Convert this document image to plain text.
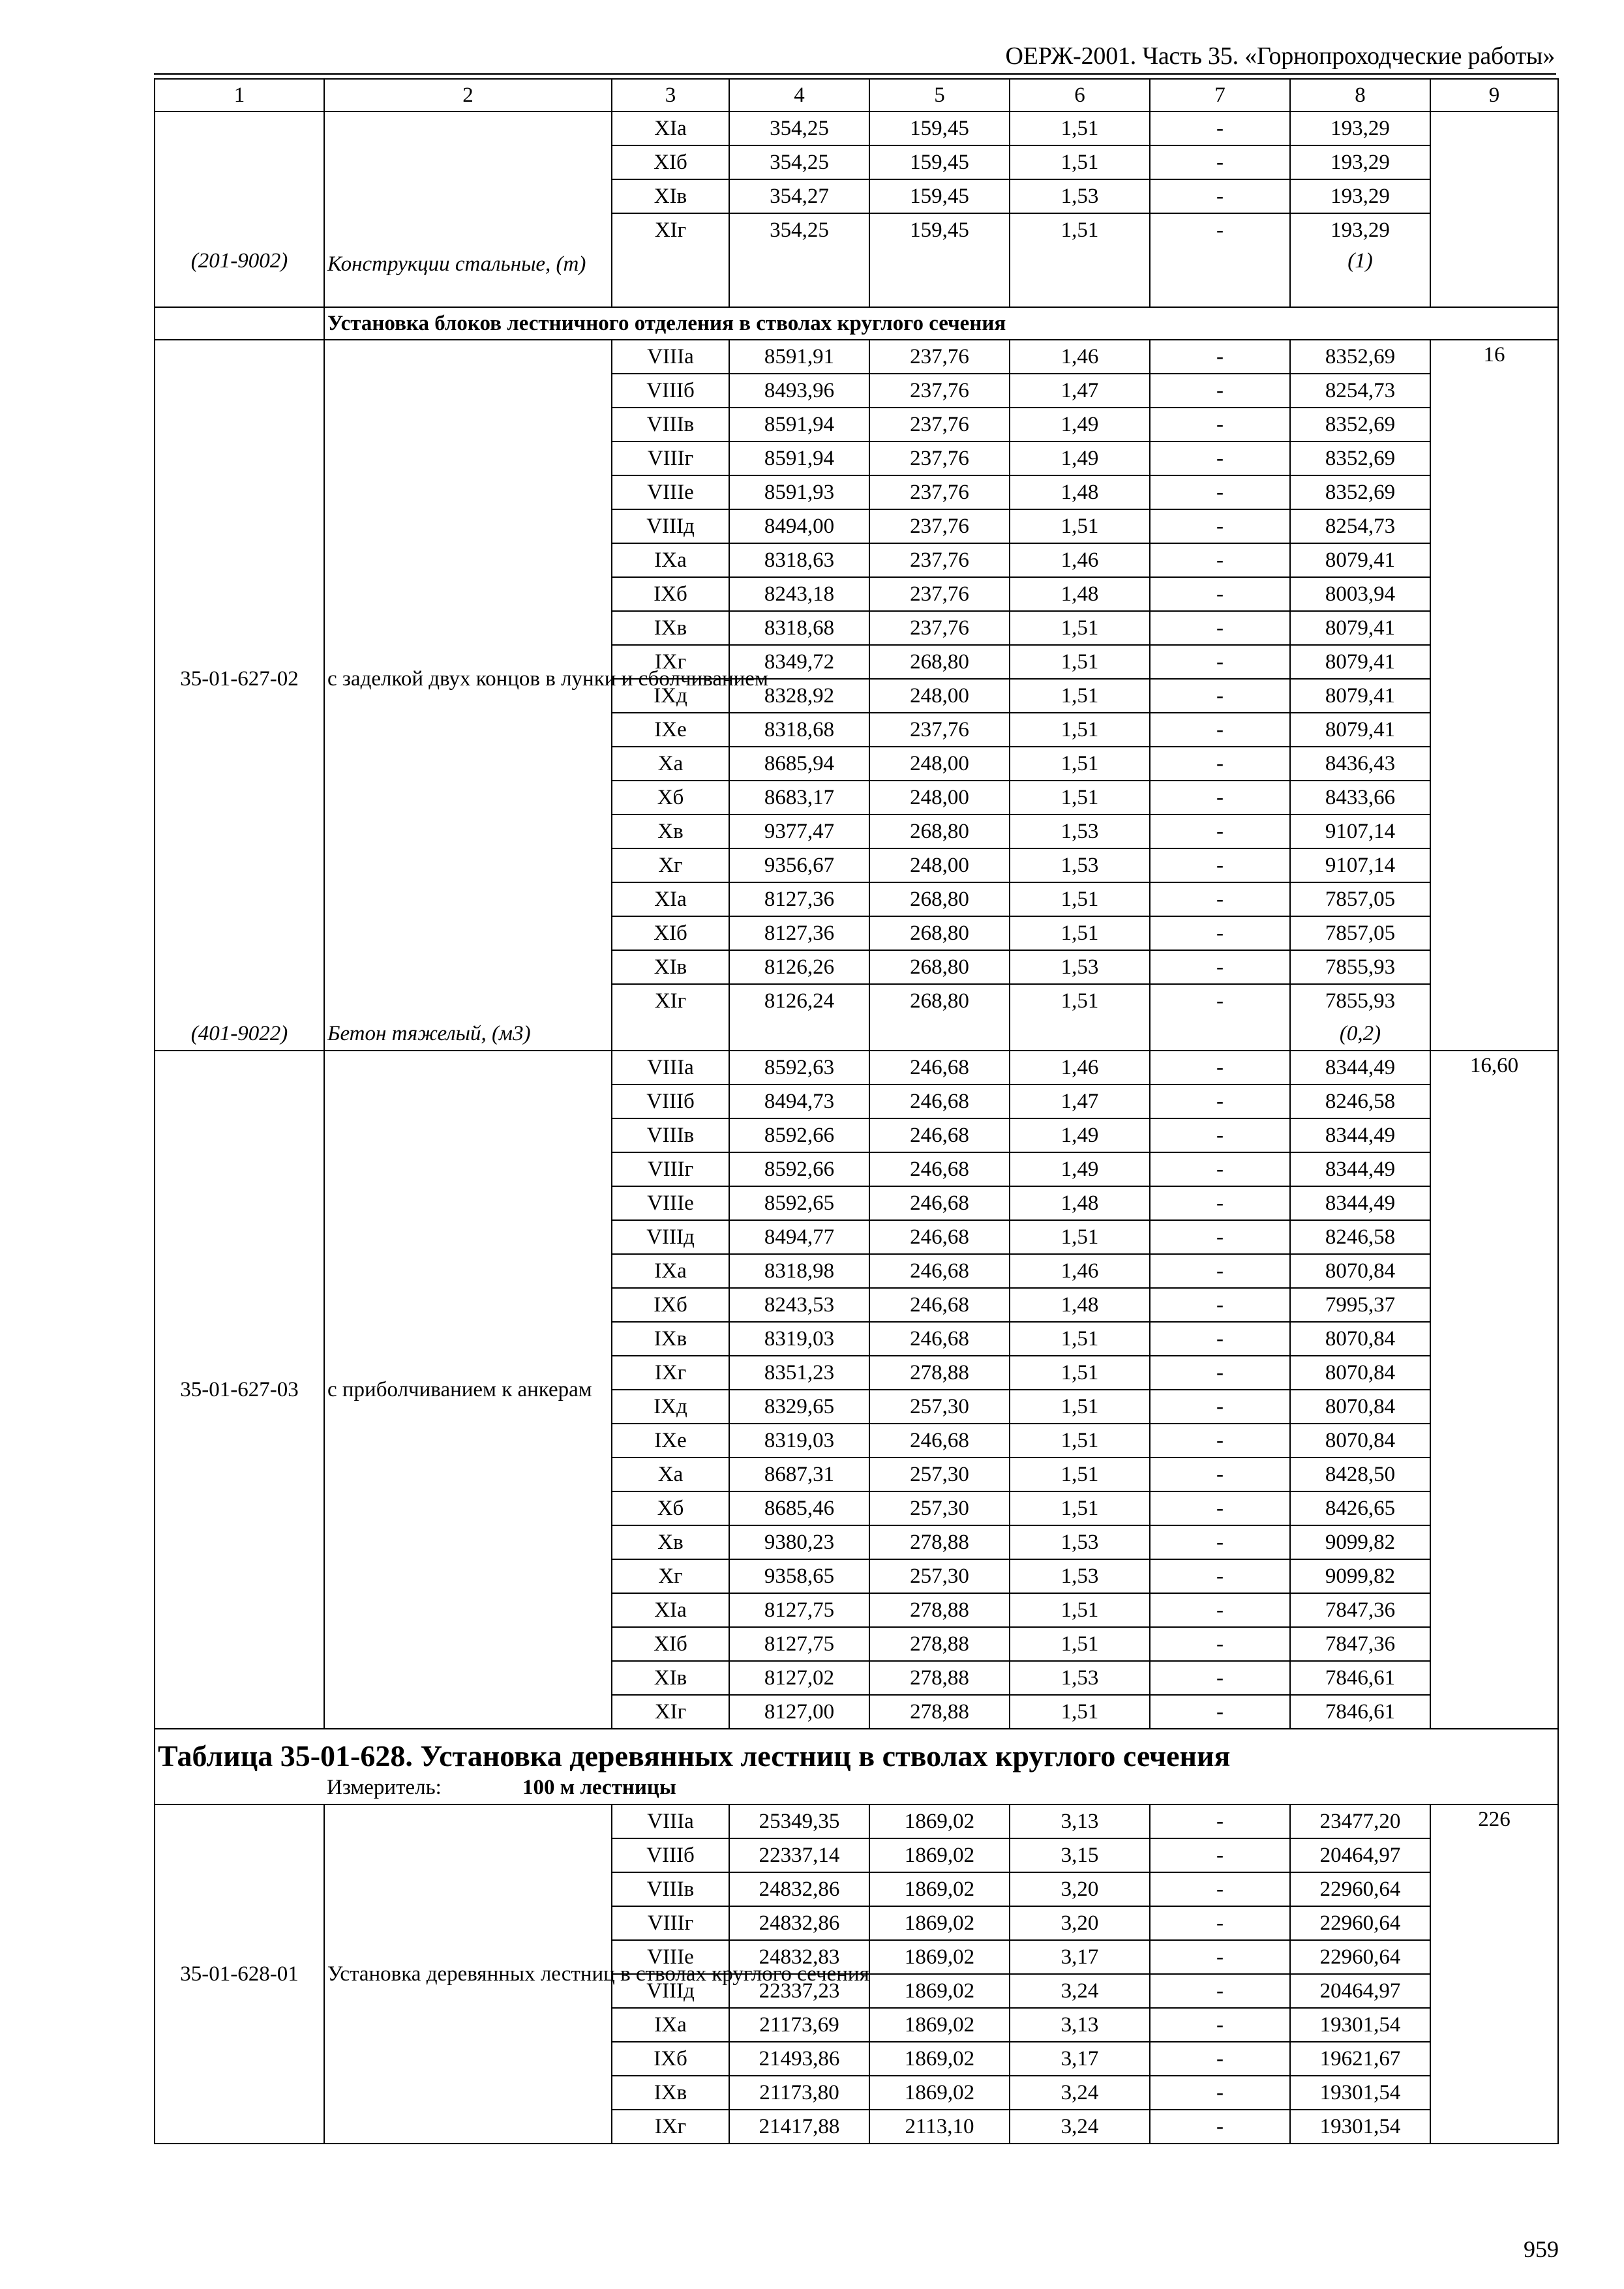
ОЕРЖ-2001. Часть 35. «Горнопроходческие работы»
1	2	3	4	5	6	7	8	9
		XIа	354,25	159,45	1,51	-	193,29	
		XIб	354,25	159,45	1,51	-	193,29	
		XIв	354,27	159,45	1,53	-	193,29	
		XIг	354,25	159,45	1,51	-	193,29	
(201-9002)	Конструкции стальные, (т)						(1)	
	Установка блоков лестничного отделения в стволах круглого сечения							
35-01-627-02	с заделкой двух концов в лунки и сболчиванием	VIIIа	8591,91	237,76	1,46	-	8352,69	16
		VIIIб	8493,96	237,76	1,47	-	8254,73	
		VIIIв	8591,94	237,76	1,49	-	8352,69	
		VIIIг	8591,94	237,76	1,49	-	8352,69	
		VIIIе	8591,93	237,76	1,48	-	8352,69	
		VIIIд	8494,00	237,76	1,51	-	8254,73	
		IXа	8318,63	237,76	1,46	-	8079,41	
		IXб	8243,18	237,76	1,48	-	8003,94	
		IXв	8318,68	237,76	1,51	-	8079,41	
		IXг	8349,72	268,80	1,51	-	8079,41	
		IXд	8328,92	248,00	1,51	-	8079,41	
		IXе	8318,68	237,76	1,51	-	8079,41	
		Xа	8685,94	248,00	1,51	-	8436,43	
		Xб	8683,17	248,00	1,51	-	8433,66	
		Xв	9377,47	268,80	1,53	-	9107,14	
		Xг	9356,67	248,00	1,53	-	9107,14	
		XIа	8127,36	268,80	1,51	-	7857,05	
		XIб	8127,36	268,80	1,51	-	7857,05	
		XIв	8126,26	268,80	1,53	-	7855,93	
		XIг	8126,24	268,80	1,51	-	7855,93	
(401-9022)	Бетон тяжелый, (м3)						(0,2)	
35-01-627-03	с приболчиванием к анкерам	VIIIа	8592,63	246,68	1,46	-	8344,49	16,60
		VIIIб	8494,73	246,68	1,47	-	8246,58	
		VIIIв	8592,66	246,68	1,49	-	8344,49	
		VIIIг	8592,66	246,68	1,49	-	8344,49	
		VIIIе	8592,65	246,68	1,48	-	8344,49	
		VIIIд	8494,77	246,68	1,51	-	8246,58	
		IXа	8318,98	246,68	1,46	-	8070,84	
		IXб	8243,53	246,68	1,48	-	7995,37	
		IXв	8319,03	246,68	1,51	-	8070,84	
		IXг	8351,23	278,88	1,51	-	8070,84	
		IXд	8329,65	257,30	1,51	-	8070,84	
		IXе	8319,03	246,68	1,51	-	8070,84	
		Xа	8687,31	257,30	1,51	-	8428,50	
		Xб	8685,46	257,30	1,51	-	8426,65	
		Xв	9380,23	278,88	1,53	-	9099,82	
		Xг	9358,65	257,30	1,53	-	9099,82	
		XIа	8127,75	278,88	1,51	-	7847,36	
		XIб	8127,75	278,88	1,51	-	7847,36	
		XIв	8127,02	278,88	1,53	-	7846,61	
		XIг	8127,00	278,88	1,51	-	7846,61	
Таблица 35-01-628. Установка деревянных лестниц в стволах круглого сечения								
	Измеритель: 100 м лестницы							
35-01-628-01	Установка деревянных лестниц в стволах круглого сечения	VIIIа	25349,35	1869,02	3,13	-	23477,20	226
		VIIIб	22337,14	1869,02	3,15	-	20464,97	
		VIIIв	24832,86	1869,02	3,20	-	22960,64	
		VIIIг	24832,86	1869,02	3,20	-	22960,64	
		VIIIе	24832,83	1869,02	3,17	-	22960,64	
		VIIIд	22337,23	1869,02	3,24	-	20464,97	
		IXа	21173,69	1869,02	3,13	-	19301,54	
		IXб	21493,86	1869,02	3,17	-	19621,67	
		IXв	21173,80	1869,02	3,24	-	19301,54	
		IXг	21417,88	2113,10	3,24	-	19301,54	
959
